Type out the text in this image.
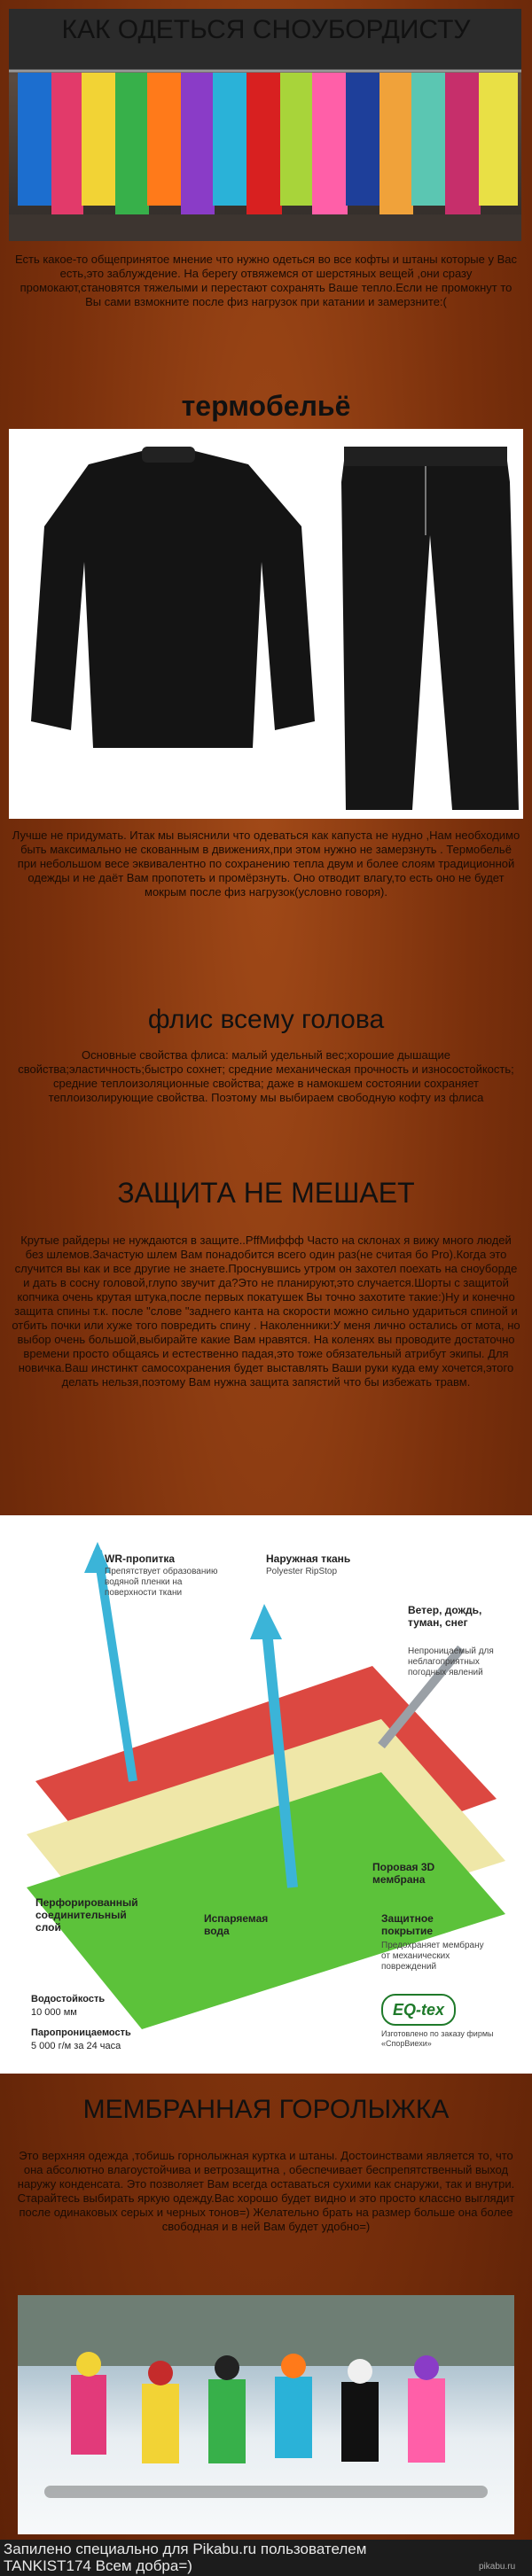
КАК ОДЕТЬСЯ СНОУБОРДИСТУ
Есть какое-то общепринятое мнение что нужно одеться во все кофты и штаны которые у Вас есть,это заблуждение. На берегу отвяжемся от шерстяных вещей ,они сразу промокают,становятся тяжелыми и перестают сохранять Ваше тепло.Если не промокнут то Вы сами взмокните после физ нагрузок при катании и замерзните:(
термобельё
Лучше не придумать. Итак мы выяснили что одеваться как капуста не нудно ,Нам необходимо быть максимально не скованным в движениях,при этом нужно не замерзнуть . Термобельё при небольшом весе эквивалентно по сохранению тепла двум и более слоям традиционной одежды и не даёт Вам пропотеть и промёрзнуть. Оно отводит влагу,то есть оно не будет мокрым после физ нагрузок(условно говоря).
флис всему голова
Основные свойства флиса: малый удельный вес;хорошие дышащие свойства;эластичность;быстро сохнет; средние механическая прочность и износостойкость; средние теплоизоляционные свойства; даже в намокшем состоянии сохраняет теплоизолирующие свойства. Поэтому мы выбираем свободную кофту из флиса
ЗАЩИТА НЕ МЕШАЕТ
Крутые райдеры не нуждаются в защите..PffМиффф Часто на склонах я вижу много людей без шлемов.Зачастую шлем Вам понадобится всего один раз(не считая бо Pro).Когда это случится вы как и все другие не знаете.Проснувшись утром он захотел поехать на сноуборде и дать в сосну головой,глупо звучит да?Это не планируют,это случается.Шорты с защитой копчика очень крутая штука,после первых покатушек Вы точно захотите такие:)Ну и конечно защита спины т.к. после "слове "заднего канта на скорости можно сильно удариться спиной и отбить почки или хуже того повредить спину . Наколенники:У меня лично остались от мота, но выбор очень большой,выбирайте какие Вам нравятся. На коленях вы проводите достаточно времени просто общаясь и естественно падая,это тоже обязательный атрибут экипы. Для новичка.Ваш инстинкт самосохранения будет выставлять Ваши руки куда ему хочется,этого делать нельзя,поэтому Вам нужна защита запястий что бы избежать травм.
WR-пропитка
Препятствует образованию водяной пленки на поверхности ткани
Наружная ткань
Polyester RipStop
Ветер, дождь, туман, снег
Непроницаемый для неблагоприятных погодных явлений
Поровая 3D мембрана
Перфорированный соединительный слой
Испаряемая вода
Защитное покрытие
Предохраняет мембрану от механических повреждений
Водостойкость
10 000 мм
Паропроницаемость
5 000 г/м за 24 часа
EQ-tex
Изготовлено по заказу фирмы «СпорВиехи»
МЕМБРАННАЯ ГОРОЛЫЖКА
Это верхняя одежда ,тобишь горнолыжная куртка и штаны. Достоинствами является то, что она абсолютно влагоустойчива и ветрозащитна , обеспечивает беспрепятственный выход наружу конденсата. Это позволяет Вам всегда оставаться сухими как снаружи, так и внутри. Старайтесь выбирать яркую одежду.Вас хорошо будет видно и это просто классно выглядит после одинаковых серых и черных тонов=) Желательно брать на размер больше она более свободная и в ней Вам будет удобно=)
Запилено специально для Pikabu.ru пользователем
TANKIST174 Всем добра=)	pikabu.ru
